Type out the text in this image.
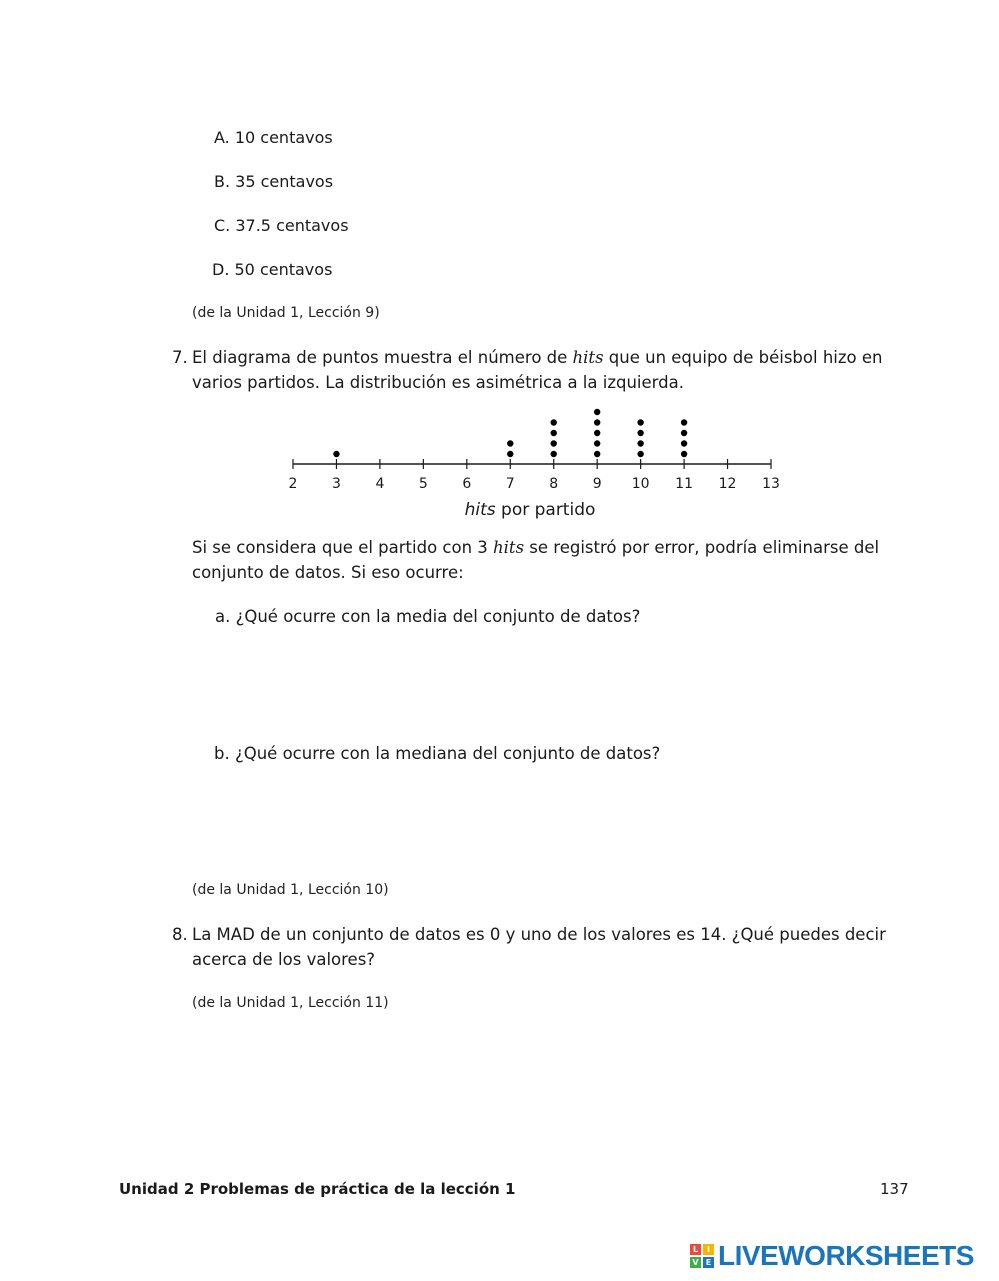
A. 10 centavos
B. 35 centavos
C. 37.5 centavos
D. 50 centavos
(de la Unidad 1, Lección 9)
7. El diagrama de puntos muestra el número de hits que un equipo de béisbol hizo en
varios partidos. La distribución es asimétrica a la izquierda.
2 3 4 5 6 7 8 9 10 11 12 13
hits por partido
Si se considera que el partido con 3 hits se registró por error, podría eliminarse del
conjunto de datos. Si eso ocurre:
a. ¿Qué ocurre con la media del conjunto de datos?
b. ¿Qué ocurre con la mediana del conjunto de datos?
(de la Unidad 1, Lección 10)
8. La MAD de un conjunto de datos es 0 y uno de los valores es 14. ¿Qué puedes decir
acerca de los valores?
(de la Unidad 1, Lección 11)
Unidad 2 Problemas de práctica de la lección 1	137
L	I
V E LIVEWORKSHEETS
